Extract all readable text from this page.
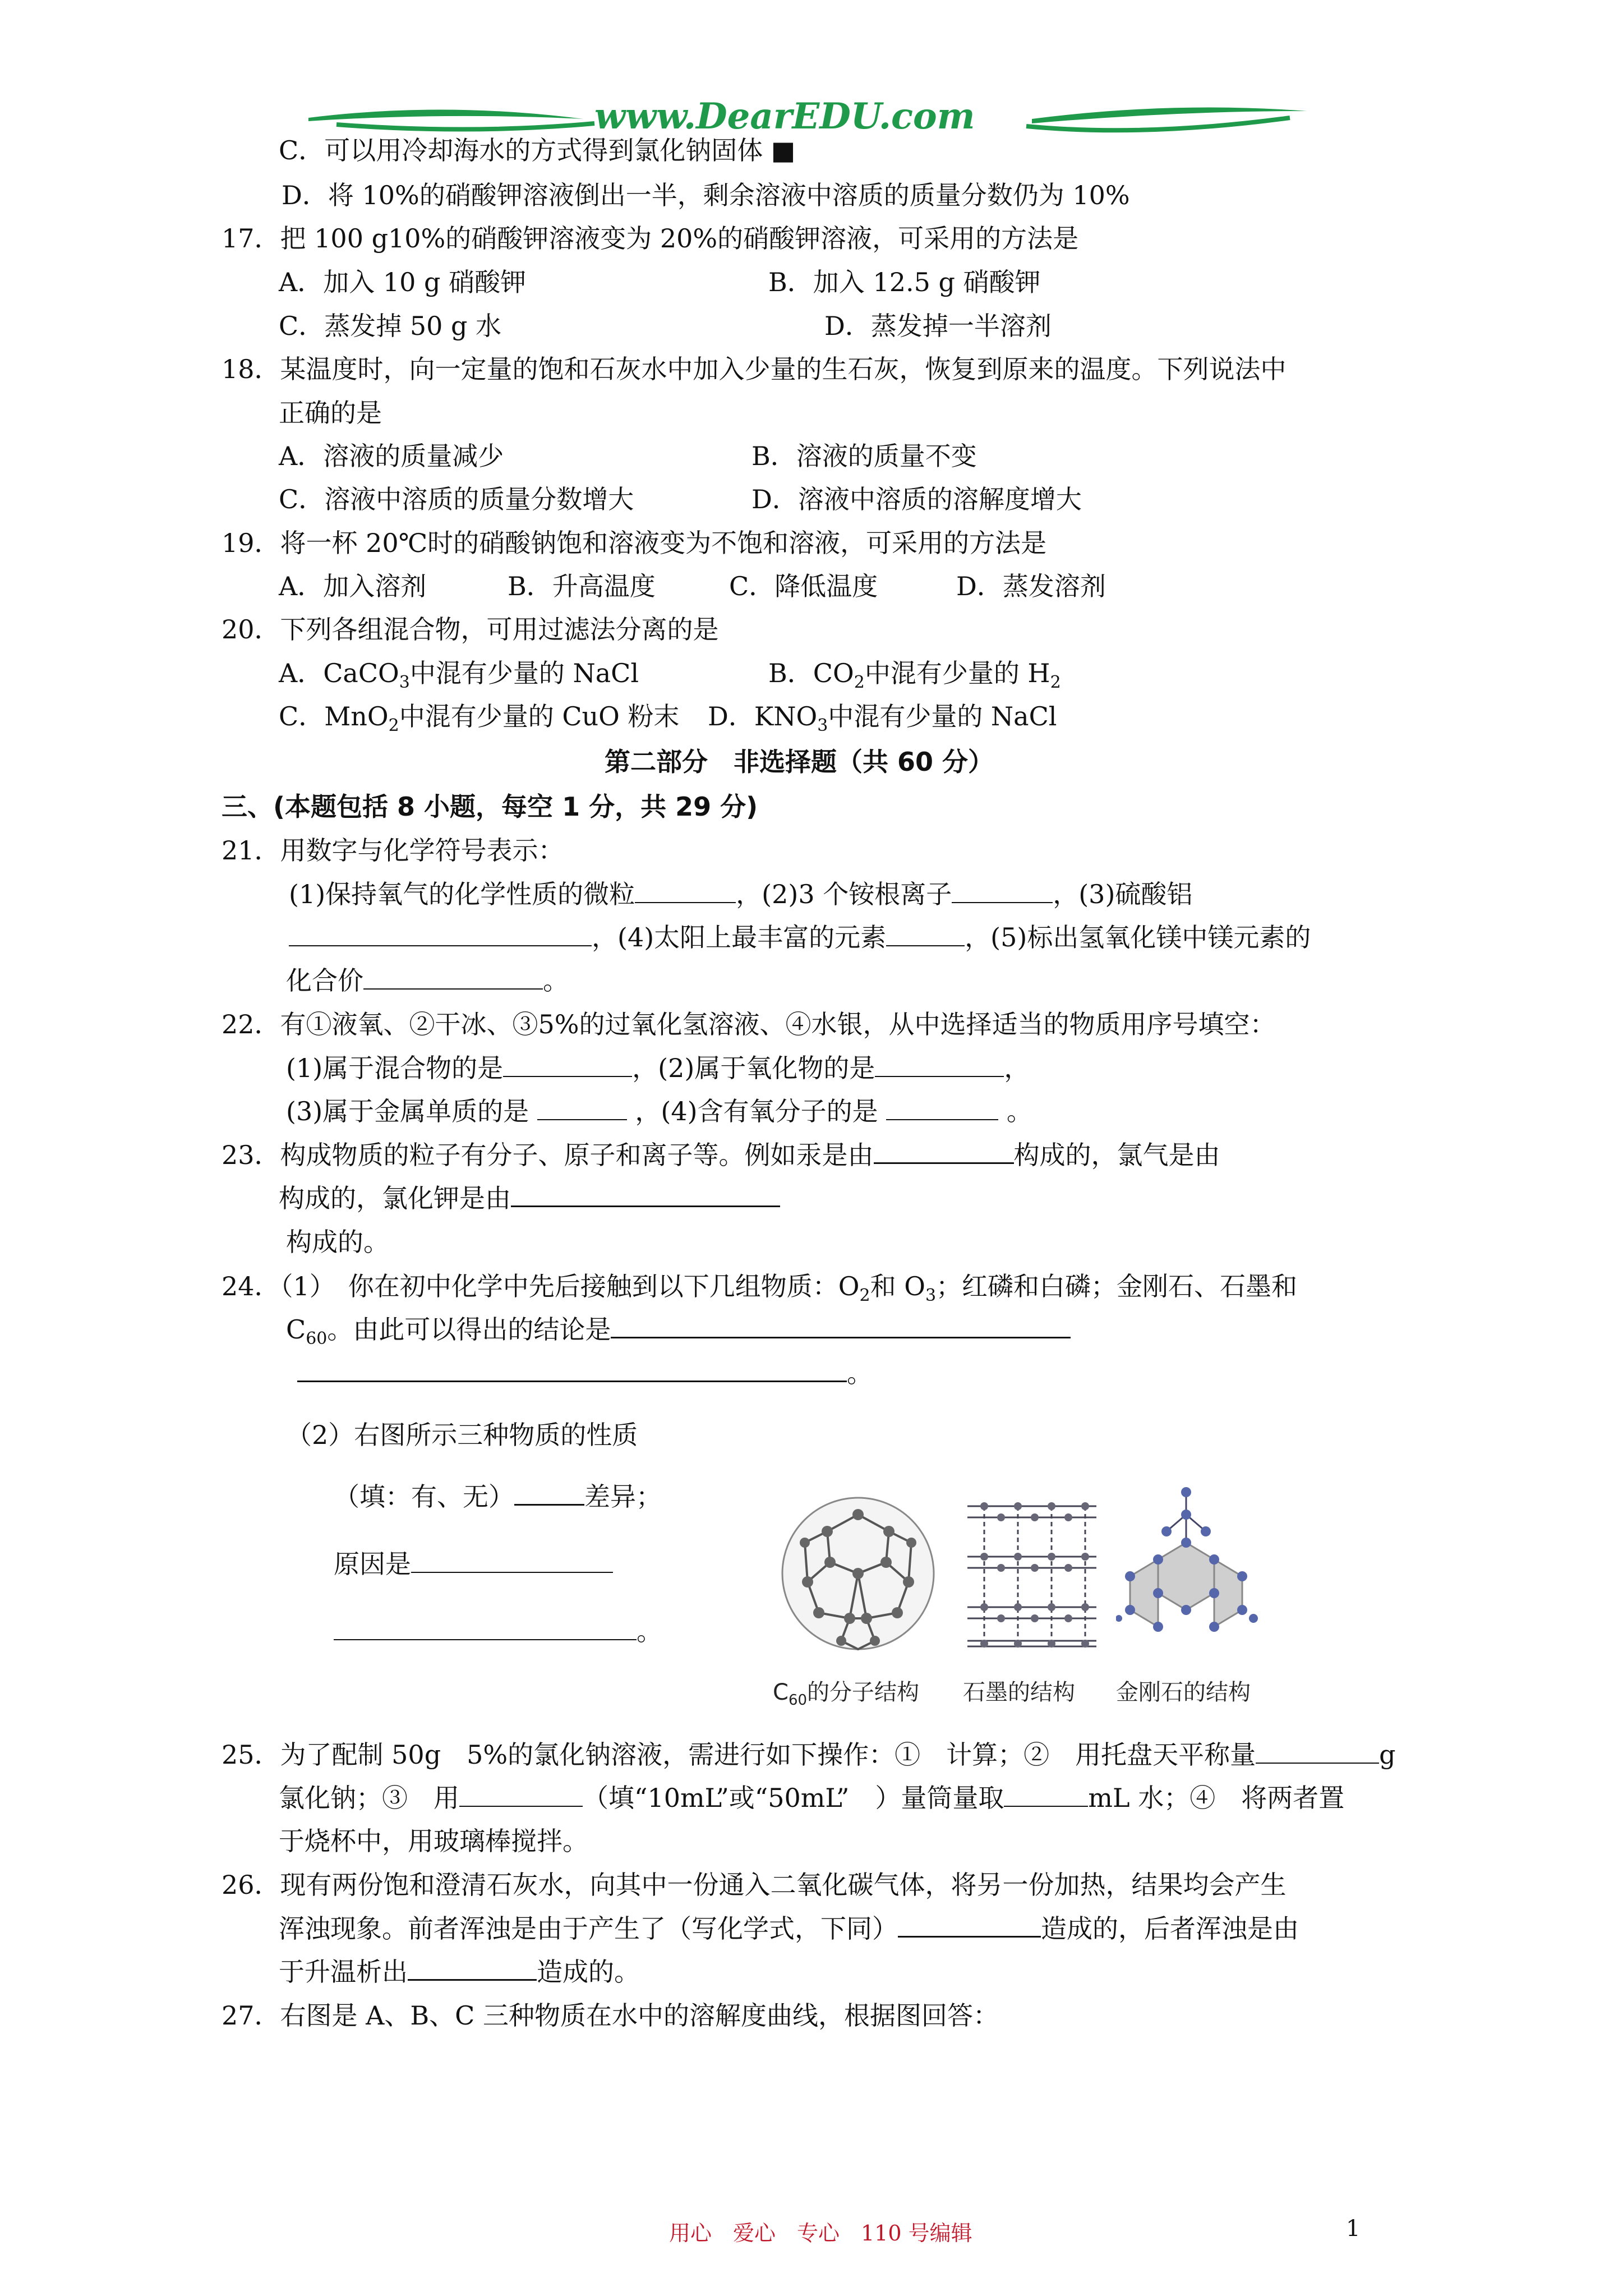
www.DearEDU.com
C．可以用冷却海水的方式得到氯化钠固体 ■
D．将 10%的硝酸钾溶液倒出一半，剩余溶液中溶质的质量分数仍为 10%
17．把 100 g10%的硝酸钾溶液变为 20%的硝酸钾溶液，可采用的方法是
A．加入 10 g 硝酸钾	B．加入 12.5 g 硝酸钾
C．蒸发掉 50 g 水	D．蒸发掉一半溶剂
18．某温度时，向一定量的饱和石灰水中加入少量的生石灰，恢复到原来的温度。下列说法中
正确的是
A．溶液的质量减少	B．溶液的质量不变
C．溶液中溶质的质量分数增大	D．溶液中溶质的溶解度增大
19．将一杯 20℃时的硝酸钠饱和溶液变为不饱和溶液，可采用的方法是
A．加入溶剂	B．升高温度	C．降低温度	D．蒸发溶剂
20．下列各组混合物，可用过滤法分离的是
A．CaCO$_3$中混有少量的 NaCl	B．$CO_2$中混有少量的 $H_2$
C．MnO$_2$中混有少量的 CuO 粉末 D．$KNO_3$中混有少量的 NaCl
第二部分　非选择题（共 60 分）
三、(本题包括 8 小题，每空 1 分，共 29 分)
21．用数字与化学符号表示：
(1)保持氧气的化学性质的微粒	，(2)3 个铵根离子	，(3)硫酸铝
，(4)太阳上最丰富的元素	，(5)标出氢氧化镁中镁元素的
化合价	。
22．有①液氧、②干冰、③5%的过氧化氢溶液、④水银，从中选择适当的物质用序号填空：
(1)属于混合物的是	，(2)属于氧化物的是	，
(3)属于金属单质的是	，(4)含有氧分子的是	。
23．构成物质的粒子有分子、原子和离子等。例如汞是由	构成的，氯气是由
构成的，氯化钾是由
构成的。
24．（1）　你在初中化学中先后接触到以下几组物质：$O_2$和 $O_3$；红磷和白磷；金刚石、石墨和
$C_{60}$。由此可以得出的结论是
。
（2）右图所示三种物质的性质
（填：有、无）	差异；
原因是
。
$C_{60}$的分子结构 石墨的结构 金刚石的结构
25．为了配制 50g　5%的氯化钠溶液，需进行如下操作：①　计算；②　用托盘天平称量	g
氯化钠；③　用	（填“10mL”或“50mL”　）量筒量取	mL 水；④　将两者置
于烧杯中，用玻璃棒搅拌。
26．现有两份饱和澄清石灰水，向其中一份通入二氧化碳气体，将另一份加热，结果均会产生
浑浊现象。前者浑浊是由于产生了（写化学式，下同）	造成的，后者浑浊是由
于升温析出	造成的。
27．右图是 A、B、C 三种物质在水中的溶解度曲线，根据图回答：
用心　爱心　专心　110 号编辑	1
